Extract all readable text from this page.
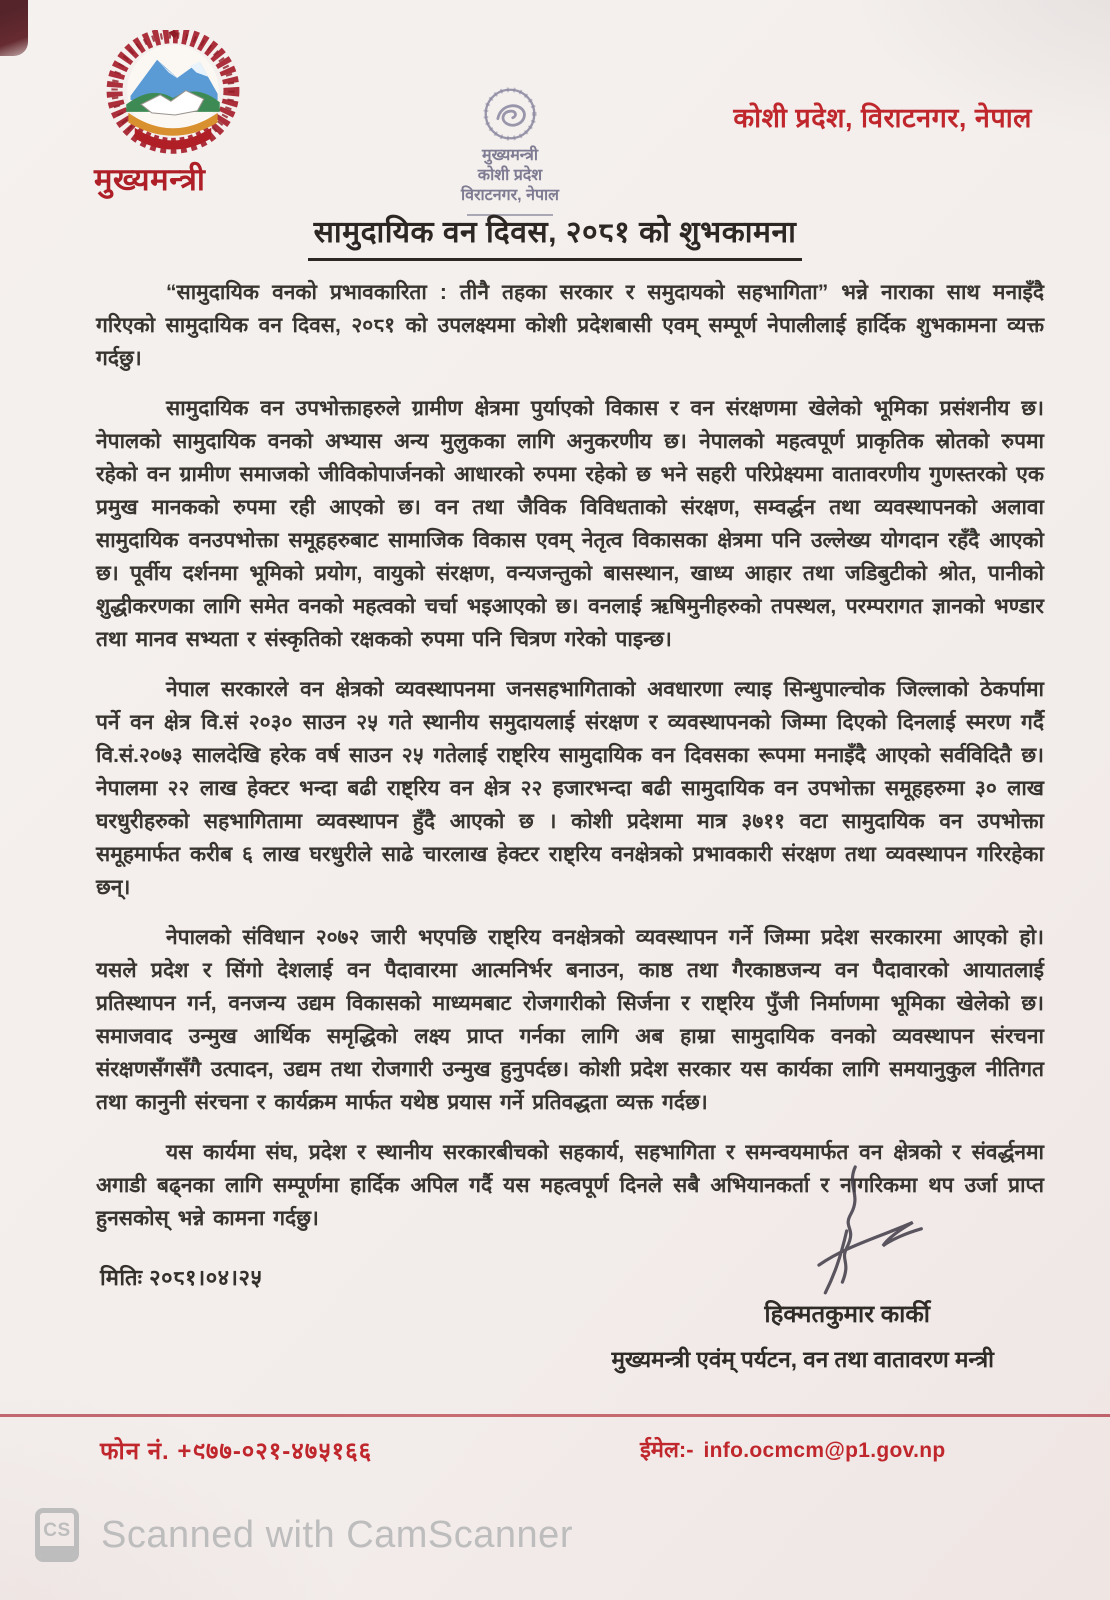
मुख्यमन्त्री
मुख्यमन्त्री
कोशी प्रदेश
विराटनगर, नेपाल
कोशी प्रदेश, विराटनगर, नेपाल
सामुदायिक वन दिवस, २०८१ को शुभकामना

“सामुदायिक वनको प्रभावकारिता : तीनै तहका सरकार र समुदायको सहभागिता” भन्ने नाराका साथ मनाइँदै गरिएको सामुदायिक वन दिवस, २०८१ को उपलक्ष्यमा कोशी प्रदेशबासी एवम् सम्पूर्ण नेपालीलाई हार्दिक शुभकामना व्यक्त गर्दछु।

सामुदायिक वन उपभोक्ताहरुले ग्रामीण क्षेत्रमा पुर्याएको विकास र वन संरक्षणमा खेलेको भूमिका प्रसंशनीय छ। नेपालको सामुदायिक वनको अभ्यास अन्य मुलुकका लागि अनुकरणीय छ। नेपालको महत्वपूर्ण प्राकृतिक स्रोतको रुपमा रहेको वन ग्रामीण समाजको जीविकोपार्जनको आधारको रुपमा रहेको छ भने सहरी परिप्रेक्ष्यमा वातावरणीय गुणस्तरको एक प्रमुख मानकको रुपमा रही आएको छ। वन तथा जैविक विविधताको संरक्षण, सम्वर्द्धन तथा व्यवस्थापनको अलावा सामुदायिक वनउपभोक्ता समूहहरुबाट सामाजिक विकास एवम् नेतृत्व विकासका क्षेत्रमा पनि उल्लेख्य योगदान रहँदै आएको छ। पूर्वीय दर्शनमा भूमिको प्रयोग, वायुको संरक्षण, वन्यजन्तुको बासस्थान, खाध्य आहार तथा जडिबुटीको श्रोत, पानीको शुद्धीकरणका लागि समेत वनको महत्वको चर्चा भइआएको छ। वनलाई ऋषिमुनीहरुको तपस्थल, परम्परागत ज्ञानको भण्डार तथा मानव सभ्यता र संस्कृतिको रक्षकको रुपमा पनि चित्रण गरेको पाइन्छ।

नेपाल सरकारले वन क्षेत्रको व्यवस्थापनमा जनसहभागिताको अवधारणा ल्याइ सिन्धुपाल्चोक जिल्लाको ठेकर्पामा पर्ने वन क्षेत्र वि.सं २०३० साउन २५ गते स्थानीय समुदायलाई संरक्षण र व्यवस्थापनको जिम्मा दिएको दिनलाई स्मरण गर्दै वि.सं.२०७३ सालदेखि हरेक वर्ष साउन २५ गतेलाई राष्ट्रिय सामुदायिक वन दिवसका रूपमा मनाइँदै आएको सर्वविदितै छ। नेपालमा २२ लाख हेक्टर भन्दा बढी राष्ट्रिय वन क्षेत्र २२ हजारभन्दा बढी सामुदायिक वन उपभोक्ता समूहहरुमा ३० लाख घरधुरीहरुको सहभागितामा व्यवस्थापन हुँदै आएको छ । कोशी प्रदेशमा मात्र ३७११ वटा सामुदायिक वन उपभोक्ता समूहमार्फत करीब ६ लाख घरधुरीले साढे चारलाख हेक्टर राष्ट्रिय वनक्षेत्रको प्रभावकारी संरक्षण तथा व्यवस्थापन गरिरहेका छन्।

नेपालको संविधान २०७२ जारी भएपछि राष्ट्रिय वनक्षेत्रको व्यवस्थापन गर्ने जिम्मा प्रदेश सरकारमा आएको हो। यसले प्रदेश र सिंगो देशलाई वन पैदावारमा आत्मनिर्भर बनाउन, काष्ठ तथा गैरकाष्ठजन्य वन पैदावारको आयातलाई प्रतिस्थापन गर्न, वनजन्य उद्यम विकासको माध्यमबाट रोजगारीको सिर्जना र राष्ट्रिय पुँजी निर्माणमा भूमिका खेलेको छ। समाजवाद उन्मुख आर्थिक समृद्धिको लक्ष्य प्राप्त गर्नका लागि अब हाम्रा सामुदायिक वनको व्यवस्थापन संरचना संरक्षणसँगसँगै उत्पादन, उद्यम तथा रोजगारी उन्मुख हुनुपर्दछ। कोशी प्रदेश सरकार यस कार्यका लागि समयानुकुल नीतिगत तथा कानुनी संरचना र कार्यक्रम मार्फत यथेष्ठ प्रयास गर्ने प्रतिवद्धता व्यक्त गर्दछ।

यस कार्यमा संघ, प्रदेश र स्थानीय सरकारबीचको सहकार्य, सहभागिता र समन्वयमार्फत वन क्षेत्रको र संवर्द्धनमा अगाडी बढ्नका लागि सम्पूर्णमा हार्दिक अपिल गर्दै यस महत्वपूर्ण दिनले सबै अभियानकर्ता र नागरिकमा थप उर्जा प्राप्त हुनसकोस् भन्ने कामना गर्दछु।

मितिः २०८१।०४।२५
हिक्मतकुमार कार्की
मुख्यमन्त्री एवंम् पर्यटन, वन तथा वातावरण मन्त्री
फोन नं. +९७७-०२१-४७५१६६	ईमेल:- info.ocmcm@p1.gov.np
CS Scanned with CamScanner
